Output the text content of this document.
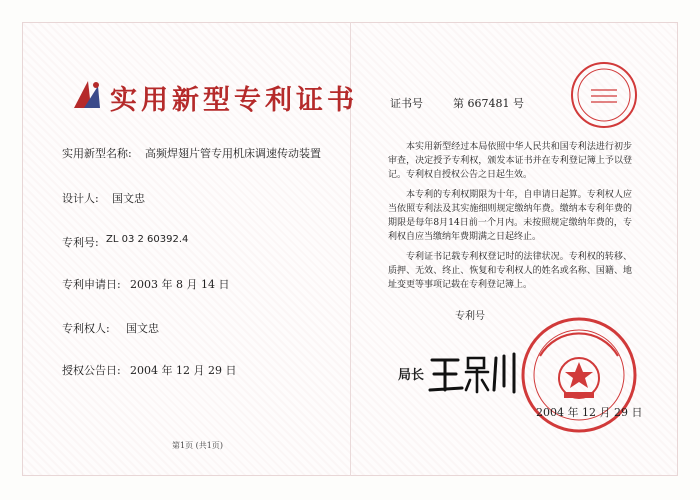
实用新型专利证书
实用新型名称: 高频焊翅片管专用机床调速传动装置
设计人: 国文忠
专利号: ZL 03 2 60392.4
专利申请日: 2003 年 8 月 14 日
专利权人: 国文忠
授权公告日: 2004 年 12 月 29 日
第1页 (共1页)
证书号	第 667481 号
本实用新型经过本局依照中华人民共和国专利法进行初步审查，决定授予专利权，颁发本证书并在专利登记簿上予以登记。专利权自授权公告之日起生效。
本专利的专利权期限为十年，自申请日起算。专利权人应当依照专利法及其实施细则规定缴纳年费。缴纳本专利年费的期限是每年8月14日前一个月内。未按照规定缴纳年费的，专利权自应当缴纳年费期满之日起终止。
专利证书记载专利权登记时的法律状况。专利权的转移、质押、无效、终止、恢复和专利权人的姓名或名称、国籍、地址变更等事项记载在专利登记簿上。
专利号
局长
2004 年 12 月 29 日
